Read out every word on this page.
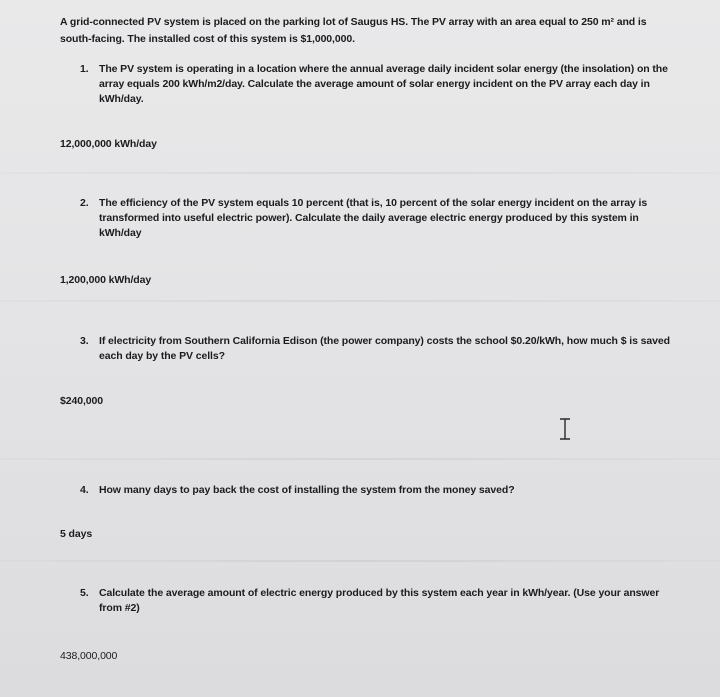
A grid-connected PV system is placed on the parking lot of Saugus HS. The PV array with an area equal to 250 m² and is
south-facing. The installed cost of this system is $1,000,000.
1. The PV system is operating in a location where the annual average daily incident solar energy (the insolation) on the array equals 200 kWh/m2/day. Calculate the average amount of solar energy incident on the PV array each day in kWh/day.
12,000,000 kWh/day
2. The efficiency of the PV system equals 10 percent (that is, 10 percent of the solar energy incident on the array is transformed into useful electric power). Calculate the daily average electric energy produced by this system in kWh/day
1,200,000 kWh/day
3. If electricity from Southern California Edison (the power company) costs the school $0.20/kWh, how much $ is saved each day by the PV cells?
$240,000
4. How many days to pay back the cost of installing the system from the money saved?
5 days
5. Calculate the average amount of electric energy produced by this system each year in kWh/year. (Use your answer from #2)
438,000,000
